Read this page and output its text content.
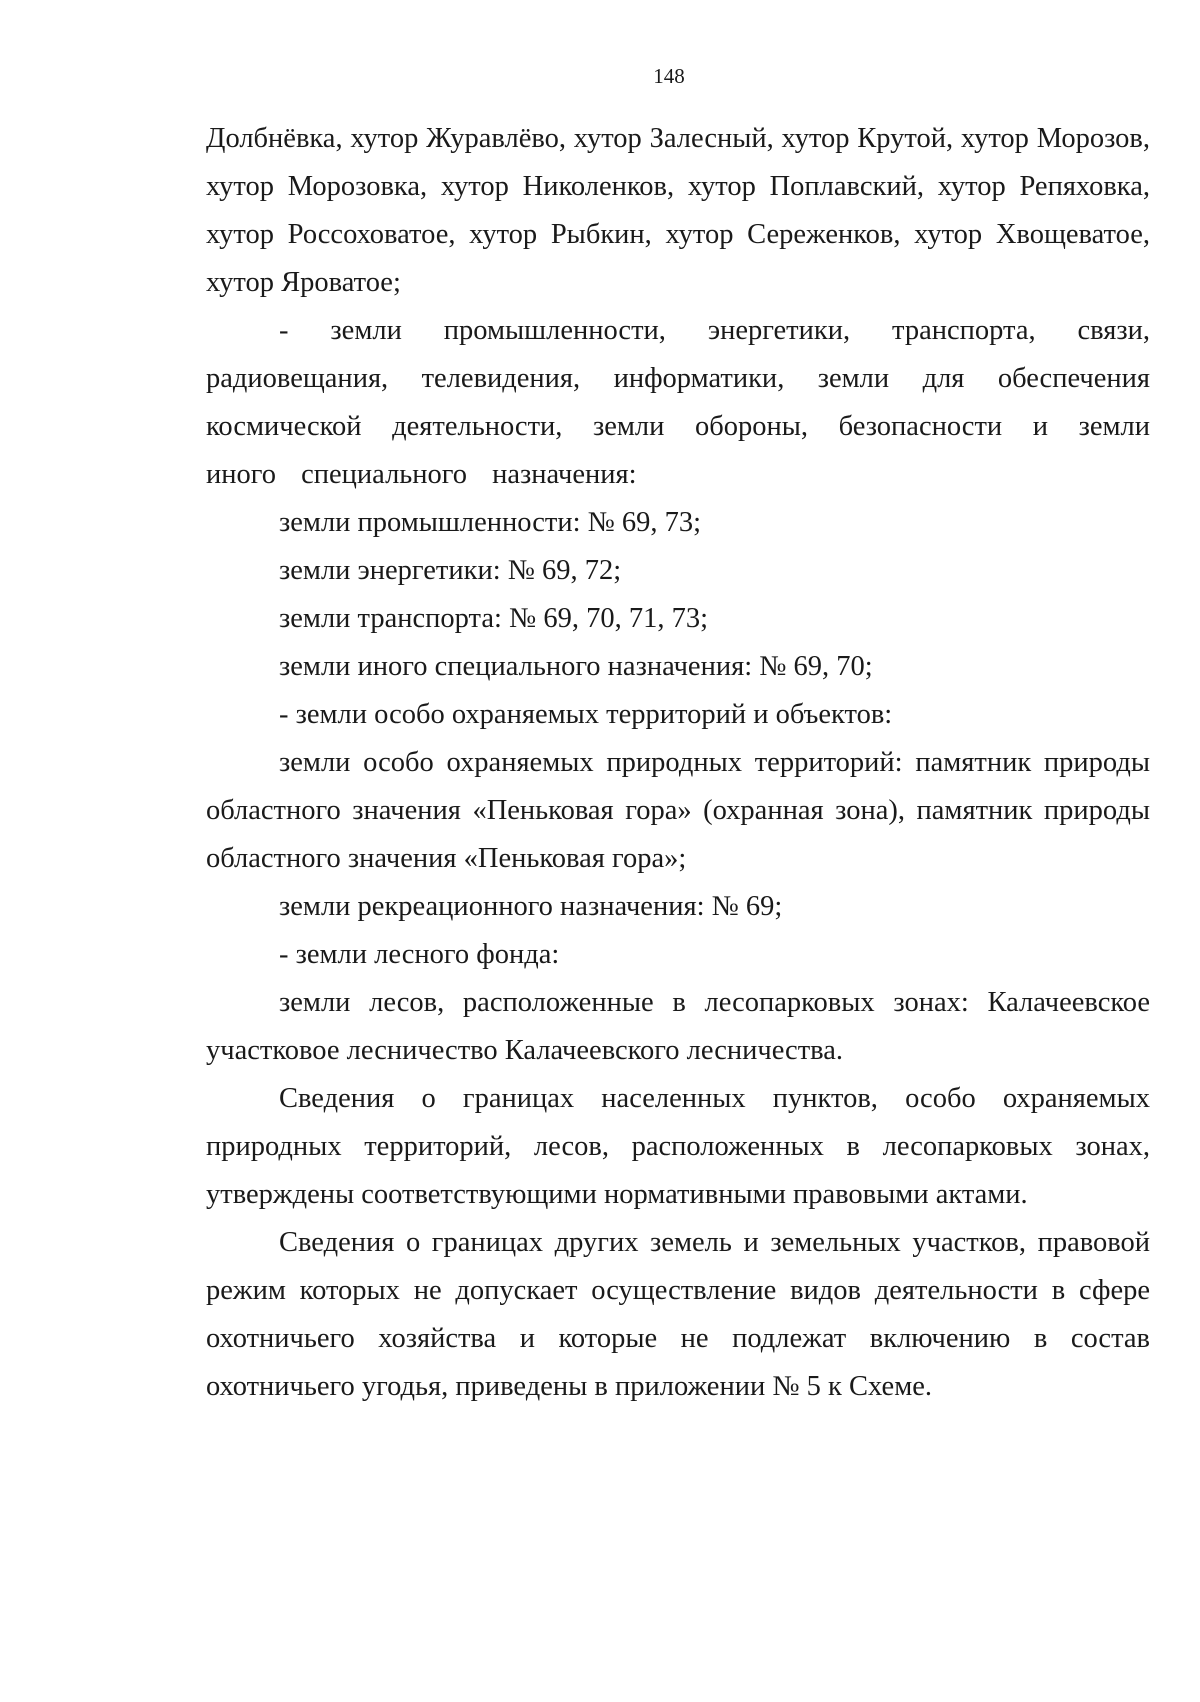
148

Долбнёвка, хутор Журавлёво, хутор Залесный, хутор Крутой, хутор Морозов, хутор Морозовка, хутор Николенков, хутор Поплавский, хутор Репяховка, хутор Россоховатое, хутор Рыбкин, хутор Сереженков, хутор Хвощеватое, хутор Яроватое;

- земли промышленности, энергетики, транспорта, связи, радиовещания, телевидения, информатики, земли для обеспечения космической деятельности, земли обороны, безопасности и земли иного специального назначения:

земли промышленности: № 69, 73;

земли энергетики: № 69, 72;

земли транспорта: № 69, 70, 71, 73;

земли иного специального назначения: № 69, 70;

- земли особо охраняемых территорий и объектов:

земли особо охраняемых природных территорий: памятник природы областного значения «Пеньковая гора» (охранная зона), памятник природы областного значения «Пеньковая гора»;

земли рекреационного назначения: № 69;

- земли лесного фонда:

земли лесов, расположенные в лесопарковых зонах: Калачеевское участковое лесничество Калачеевского лесничества.

Сведения о границах населенных пунктов, особо охраняемых природных территорий, лесов, расположенных в лесопарковых зонах, утверждены соответствующими нормативными правовыми актами.

Сведения о границах других земель и земельных участков, правовой режим которых не допускает осуществление видов деятельности в сфере охотничьего хозяйства и которые не подлежат включению в состав охотничьего угодья, приведены в приложении № 5 к Схеме.
